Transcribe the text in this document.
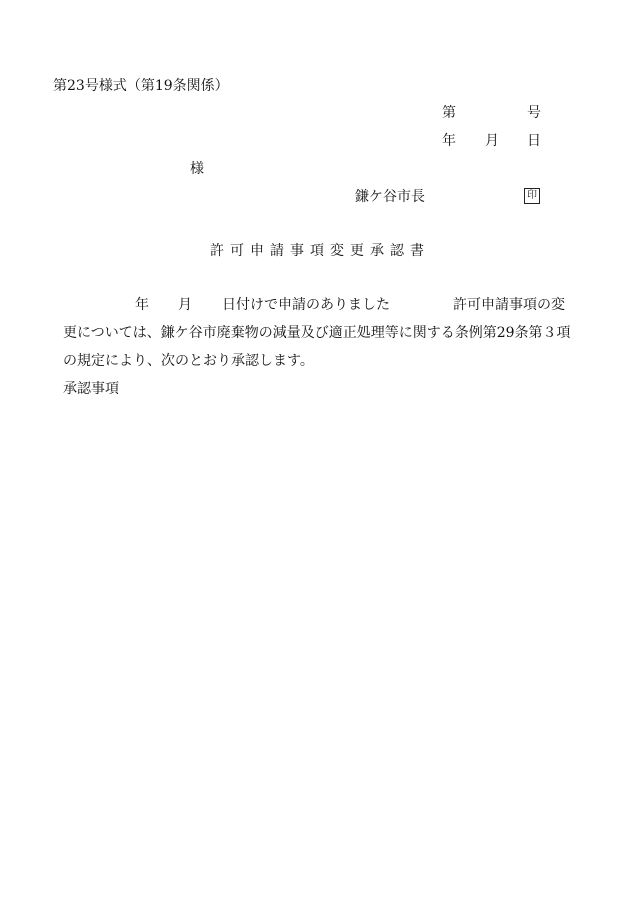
第23号様式（第19条関係）
第	号
年 月 日
様
鎌ケ谷市長	印
許可申請事項変更承認書
年 月 日付けで申請のありました	許可申請事項の変
更については、鎌ケ谷市廃棄物の減量及び適正処理等に関する条例第29条第３項
の規定により、次のとおり承認します。
承認事項
